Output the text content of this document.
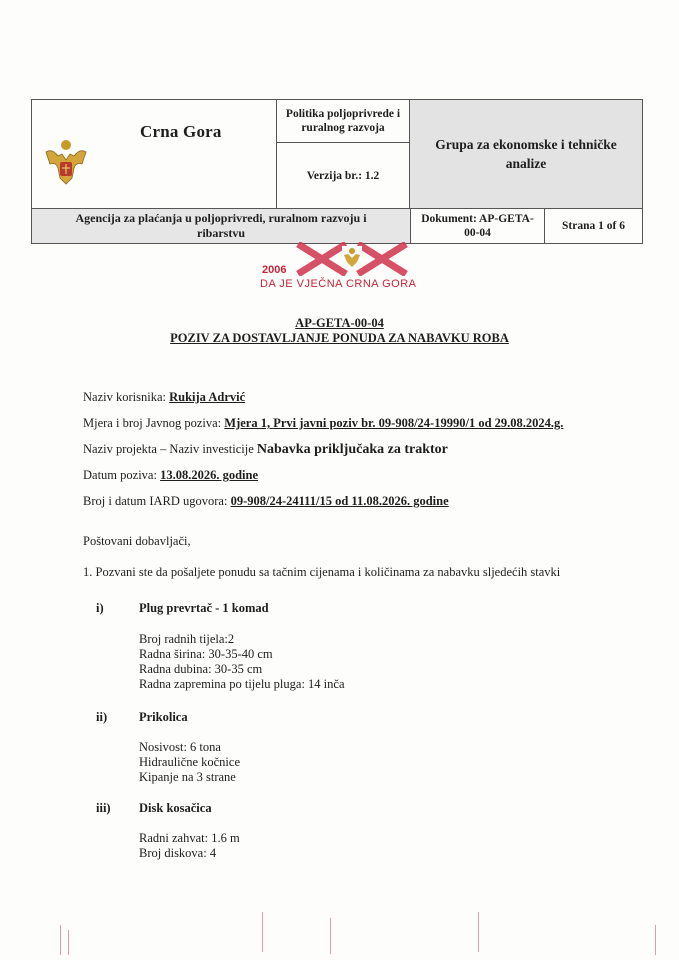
Crna Gora
Politika poljoprivrede i ruralnog razvoja
Verzija br.: 1.2
Grupa za ekonomske i tehničke analize
Agencija za plaćanja u poljoprivredi, ruralnom razvoju i ribarstvu
Dokument: AP-GETA-00-04
Strana 1 of 6
2006
DA JE VJEČNA CRNA GORA
AP-GETA-00-04
POZIV ZA DOSTAVLJANJE PONUDA ZA NABAVKU ROBA
Naziv korisnika: Rukija Adrvić
Mjera i broj Javnog poziva: Mjera 1, Prvi javni poziv br. 09-908/24-19990/1 od 29.08.2024.g.
Naziv projekta – Naziv investicije Nabavka priključaka za traktor
Datum poziva: 13.08.2026. godine
Broj i datum IARD ugovora: 09-908/24-24111/15 od 11.08.2026. godine
Poštovani dobavljači,
1. Pozvani ste da pošaljete ponudu sa tačnim cijenama i količinama za nabavku sljedećih stavki
i)	Plug prevrtač - 1 komad
Broj radnih tijela:2
Radna širina: 30-35-40 cm
Radna dubina: 30-35 cm
Radna zapremina po tijelu pluga: 14 inča
ii)	Prikolica
Nosivost: 6 tona
Hidraulične kočnice
Kipanje na 3 strane
iii) Disk kosačica
Radni zahvat: 1.6 m
Broj diskova: 4
